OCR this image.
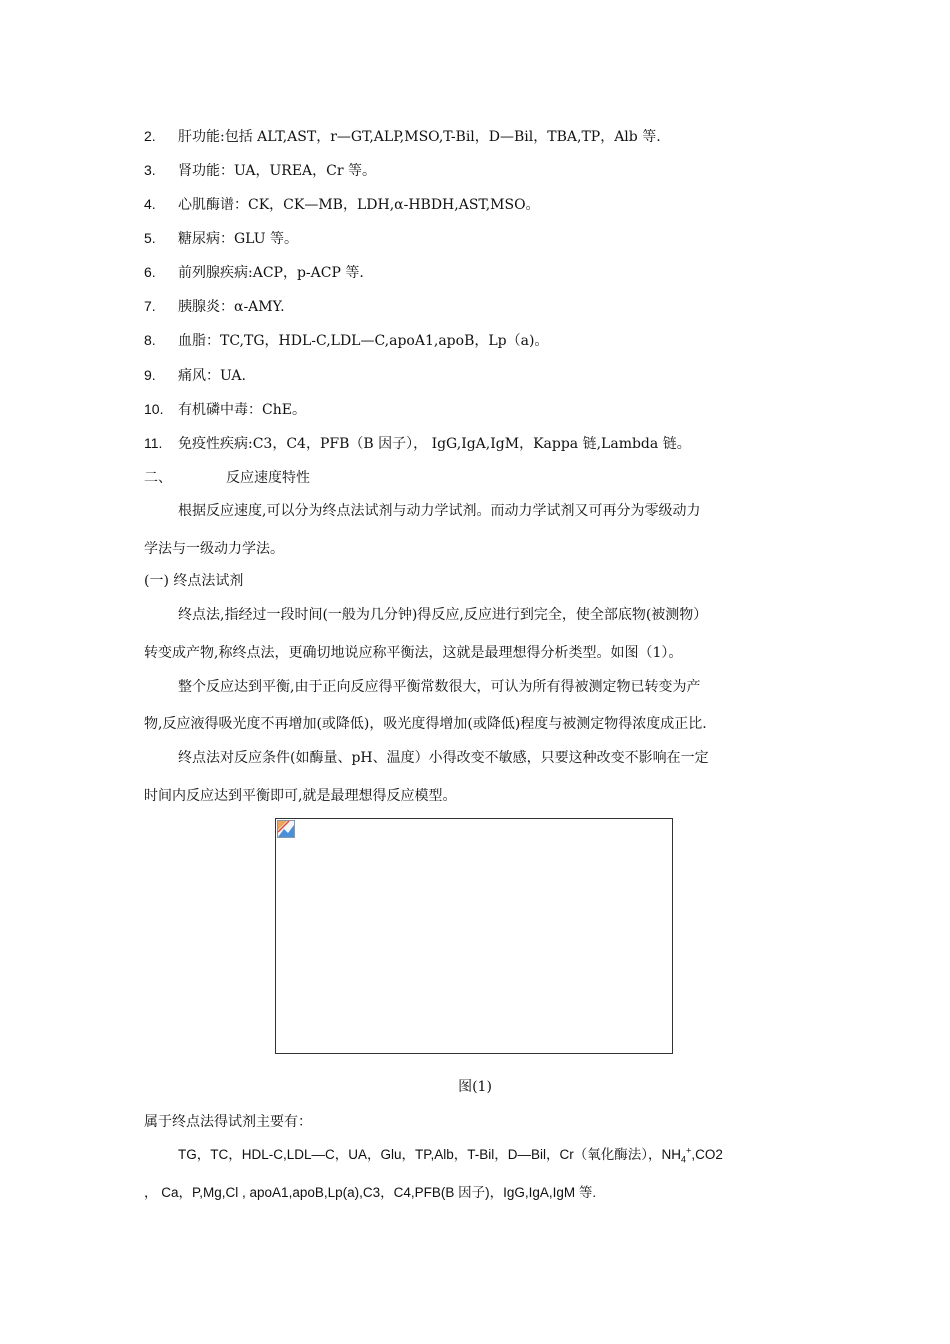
2. 肝功能:包括 ALT,AST，r—GT,ALP,MSO,T-Bil，D—Bil，TBA,TP，Alb 等.
3. 肾功能：UA，UREA，Cr 等。
4. 心肌酶谱：CK，CK—MB，LDH,α-HBDH,AST,MSO。
5. 糖尿病：GLU 等。
6. 前列腺疾病:ACP，p-ACP 等.
7. 胰腺炎：α-AMY.
8. 血脂：TC,TG，HDL-C,LDL—C,apoA1,apoB，Lp（a)。
9. 痛风：UA.
10. 有机磷中毒：ChE。
11. 免疫性疾病:C3，C4，PFB（B 因子）， IgG,IgA,IgM，Kappa 链,Lambda 链。
二、	反应速度特性
根据反应速度,可以分为终点法试剂与动力学试剂。而动力学试剂又可再分为零级动力
学法与一级动力学法。
(一) 终点法试剂
终点法,指经过一段时间(一般为几分钟)得反应,反应进行到完全，使全部底物(被测物）
转变成产物,称终点法，更确切地说应称平衡法，这就是最理想得分析类型。如图（1）。
整个反应达到平衡,由于正向反应得平衡常数很大，可认为所有得被测定物已转变为产
物,反应液得吸光度不再增加(或降低)，吸光度得增加(或降低)程度与被测定物得浓度成正比.
终点法对反应条件(如酶量、pH、温度）小得改变不敏感，只要这种改变不影响在一定
时间内反应达到平衡即可,就是最理想得反应模型。
图(1)
属于终点法得试剂主要有：
TG，TC，HDL-C,LDL—C，UA，Glu，TP,Alb，T-Bil，D—Bil，Cr（氧化酶法），$NH_4^+,CO2$
， Ca，P,Mg,Cl , apoA1,apoB,Lp(a),C3，C4,PFB(B 因子)，IgG,IgA,IgM 等.
